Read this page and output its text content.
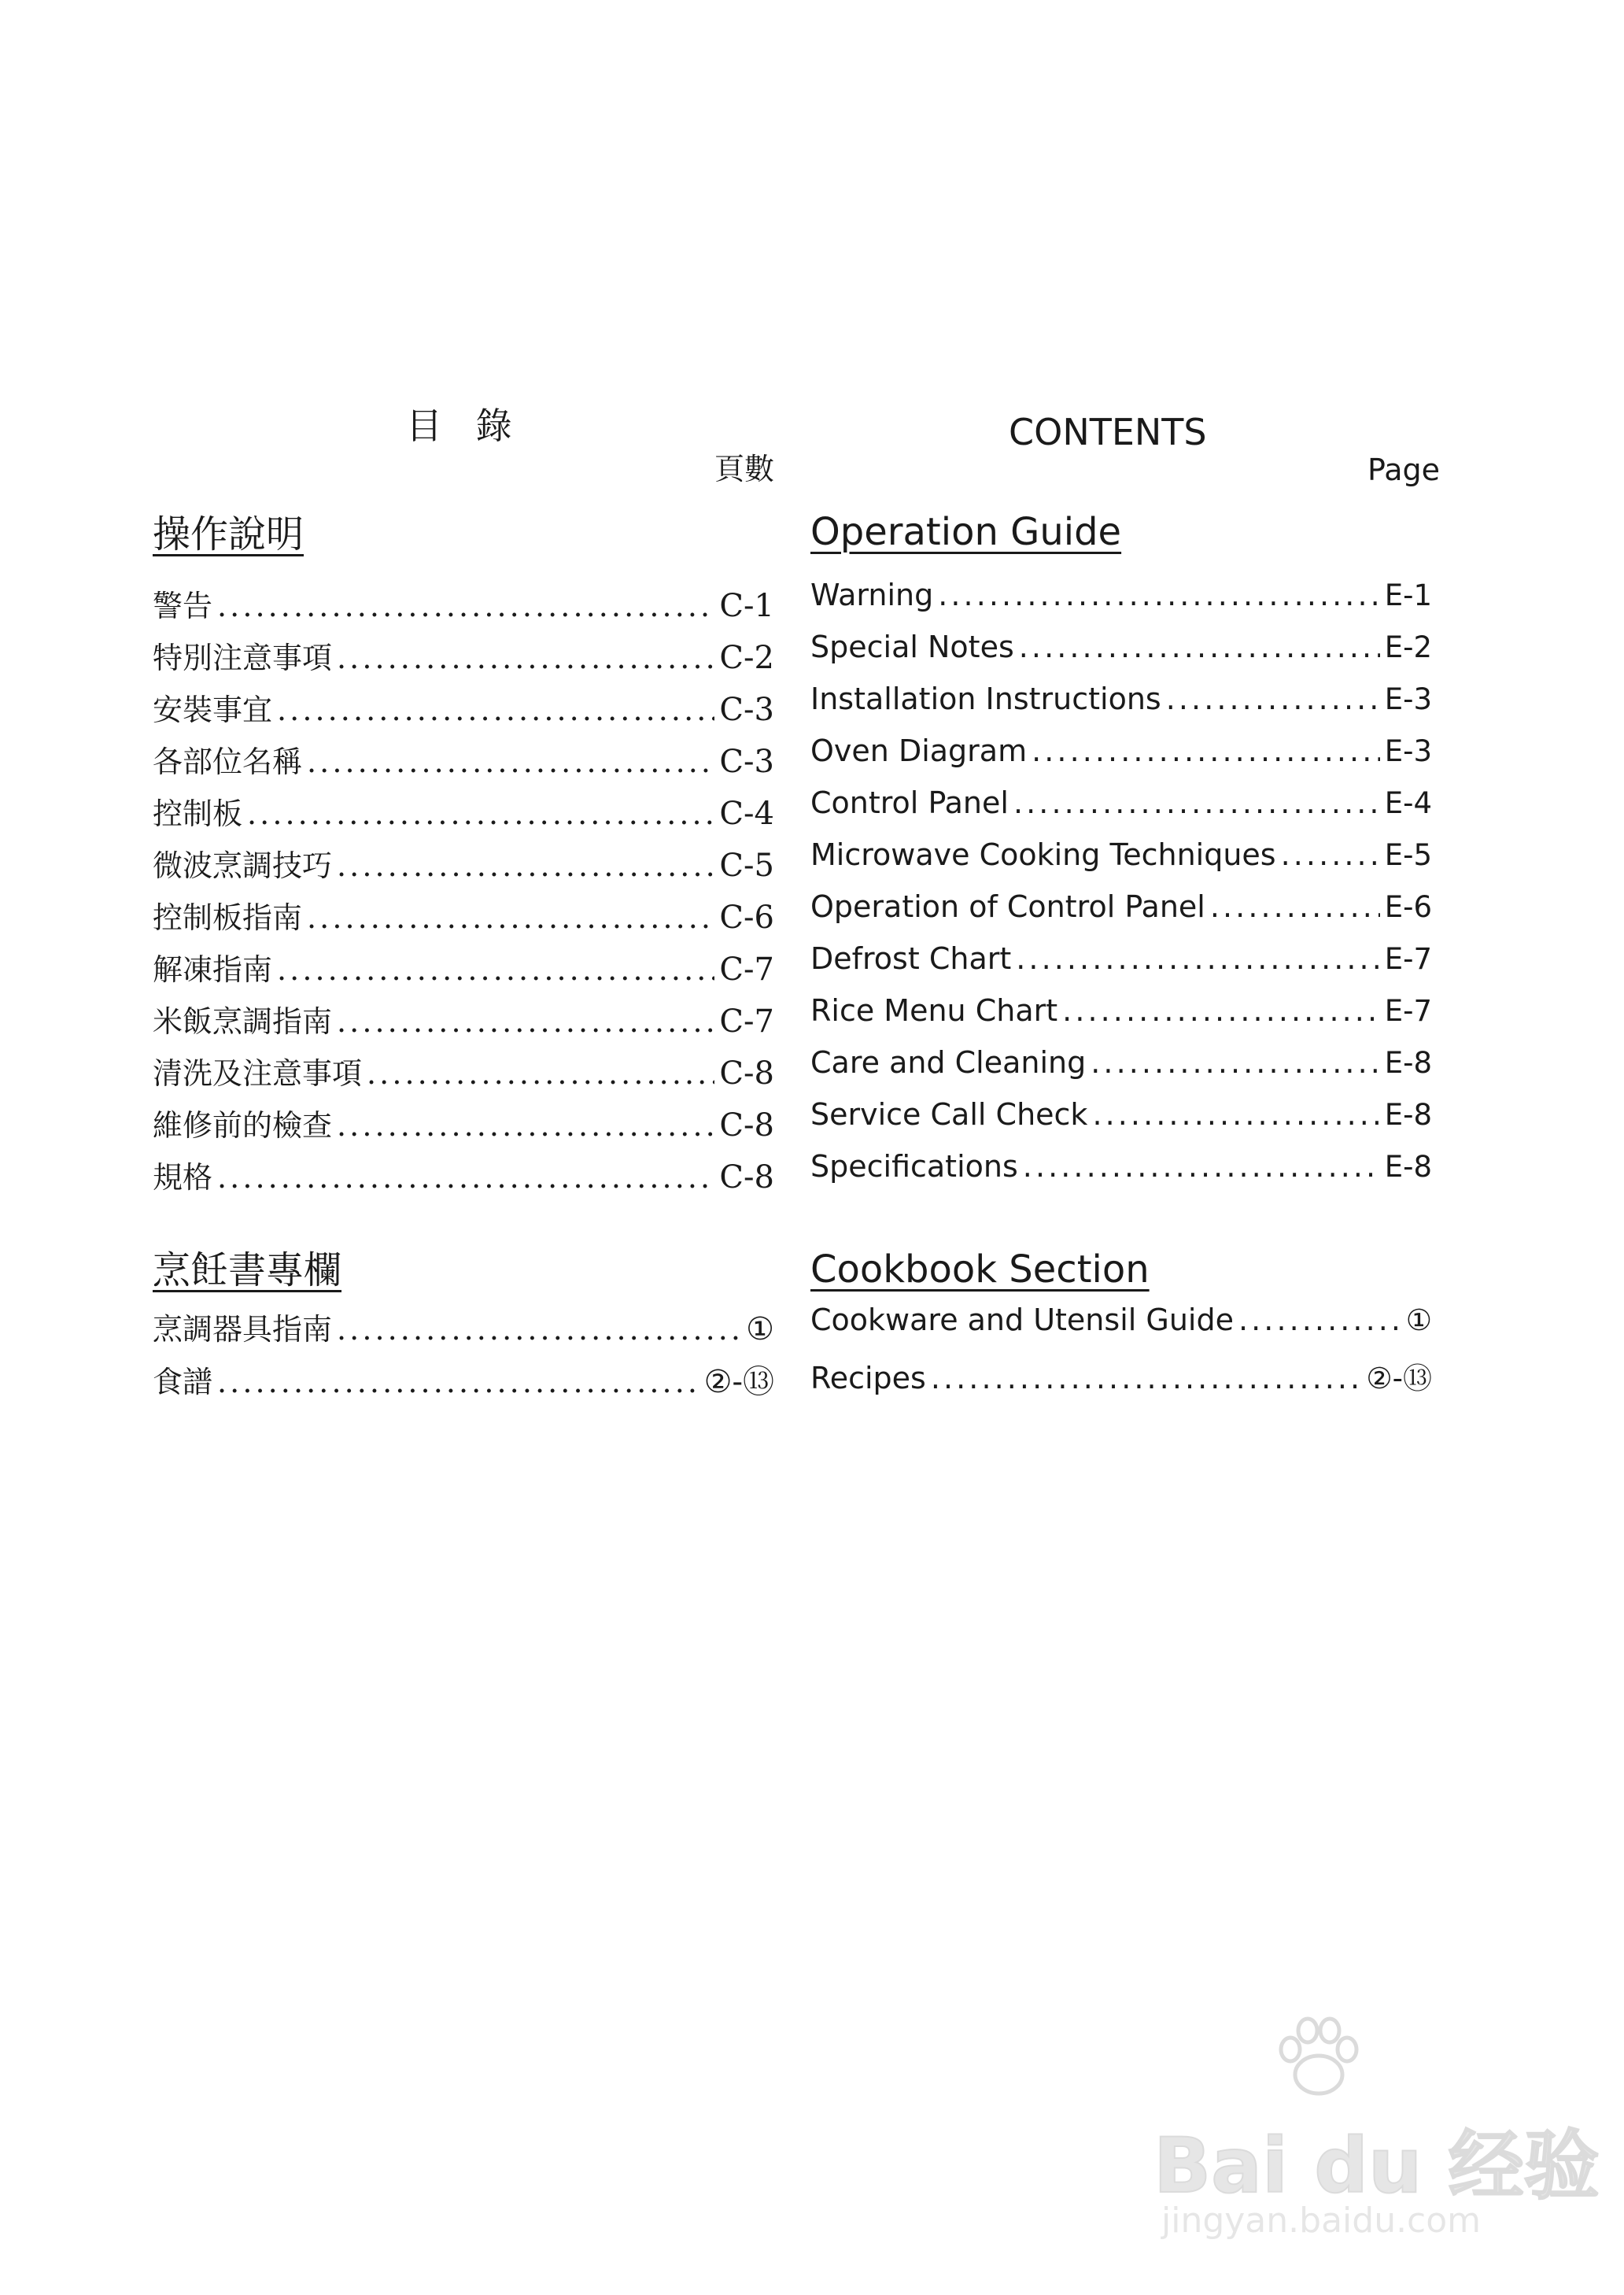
目 錄
頁數
操作說明
警告 . . .	C-1
特別注意事項 . . .	C-2
安裝事宜 . . .	C-3
各部位名稱 . . .	C-3
控制板 . . .	C-4
微波烹調技巧 . . .	C-5
控制板指南 . . .	C-6
解凍指南 . . .	C-7
米飯烹調指南 . . .	C-7
清洗及注意事項 . . .	C-8
維修前的檢查 . . .	C-8
規格 . . .	C-8
烹飪書專欄
烹調器具指南 . . .	①
食譜 . . .	②-⑬
CONTENTS
Page
Operation Guide
Warning . . .	E-1
Special Notes . . .	E-2
Installation Instructions . . .	E-3
Oven Diagram . . .	E-3
Control Panel . . .	E-4
Microwave Cooking Techniques . . .	E-5
Operation of Control Panel . . .	E-6
Defrost Chart . . .	E-7
Rice Menu Chart . . .	E-7
Care and Cleaning . . .	E-8
Service Call Check . . .	E-8
Specifications . . .	E-8
Cookbook Section
Cookware and Utensil Guide . . .	①
Recipes . . .	②-⑬
Bai du 经验
jingyan.baidu.com
